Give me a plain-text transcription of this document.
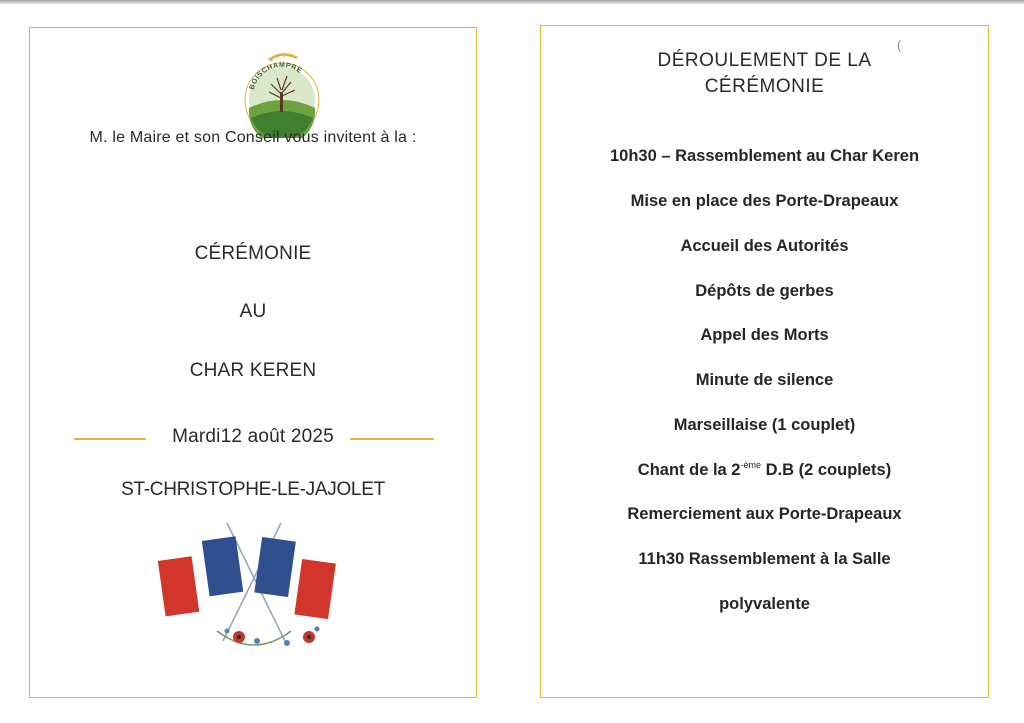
BOISCHAMPRE
M. le Maire et son Conseil vous invitent à la :
CÉRÉMONIE
AU
CHAR KEREN
Mardi12 août 2025
ST-CHRISTOPHE-LE-JAJOLET
(
DÉROULEMENT DE LA
CÉRÉMONIE
10h30 – Rassemblement au Char Keren
Mise en place des Porte-Drapeaux
Accueil des Autorités
Dépôts de gerbes
Appel des Morts
Minute de silence
Marseillaise (1 couplet)
Chant de la $2^{-ème}$ D.B (2 couplets)
Remerciement aux Porte-Drapeaux
11h30 Rassemblement à la Salle
polyvalente
